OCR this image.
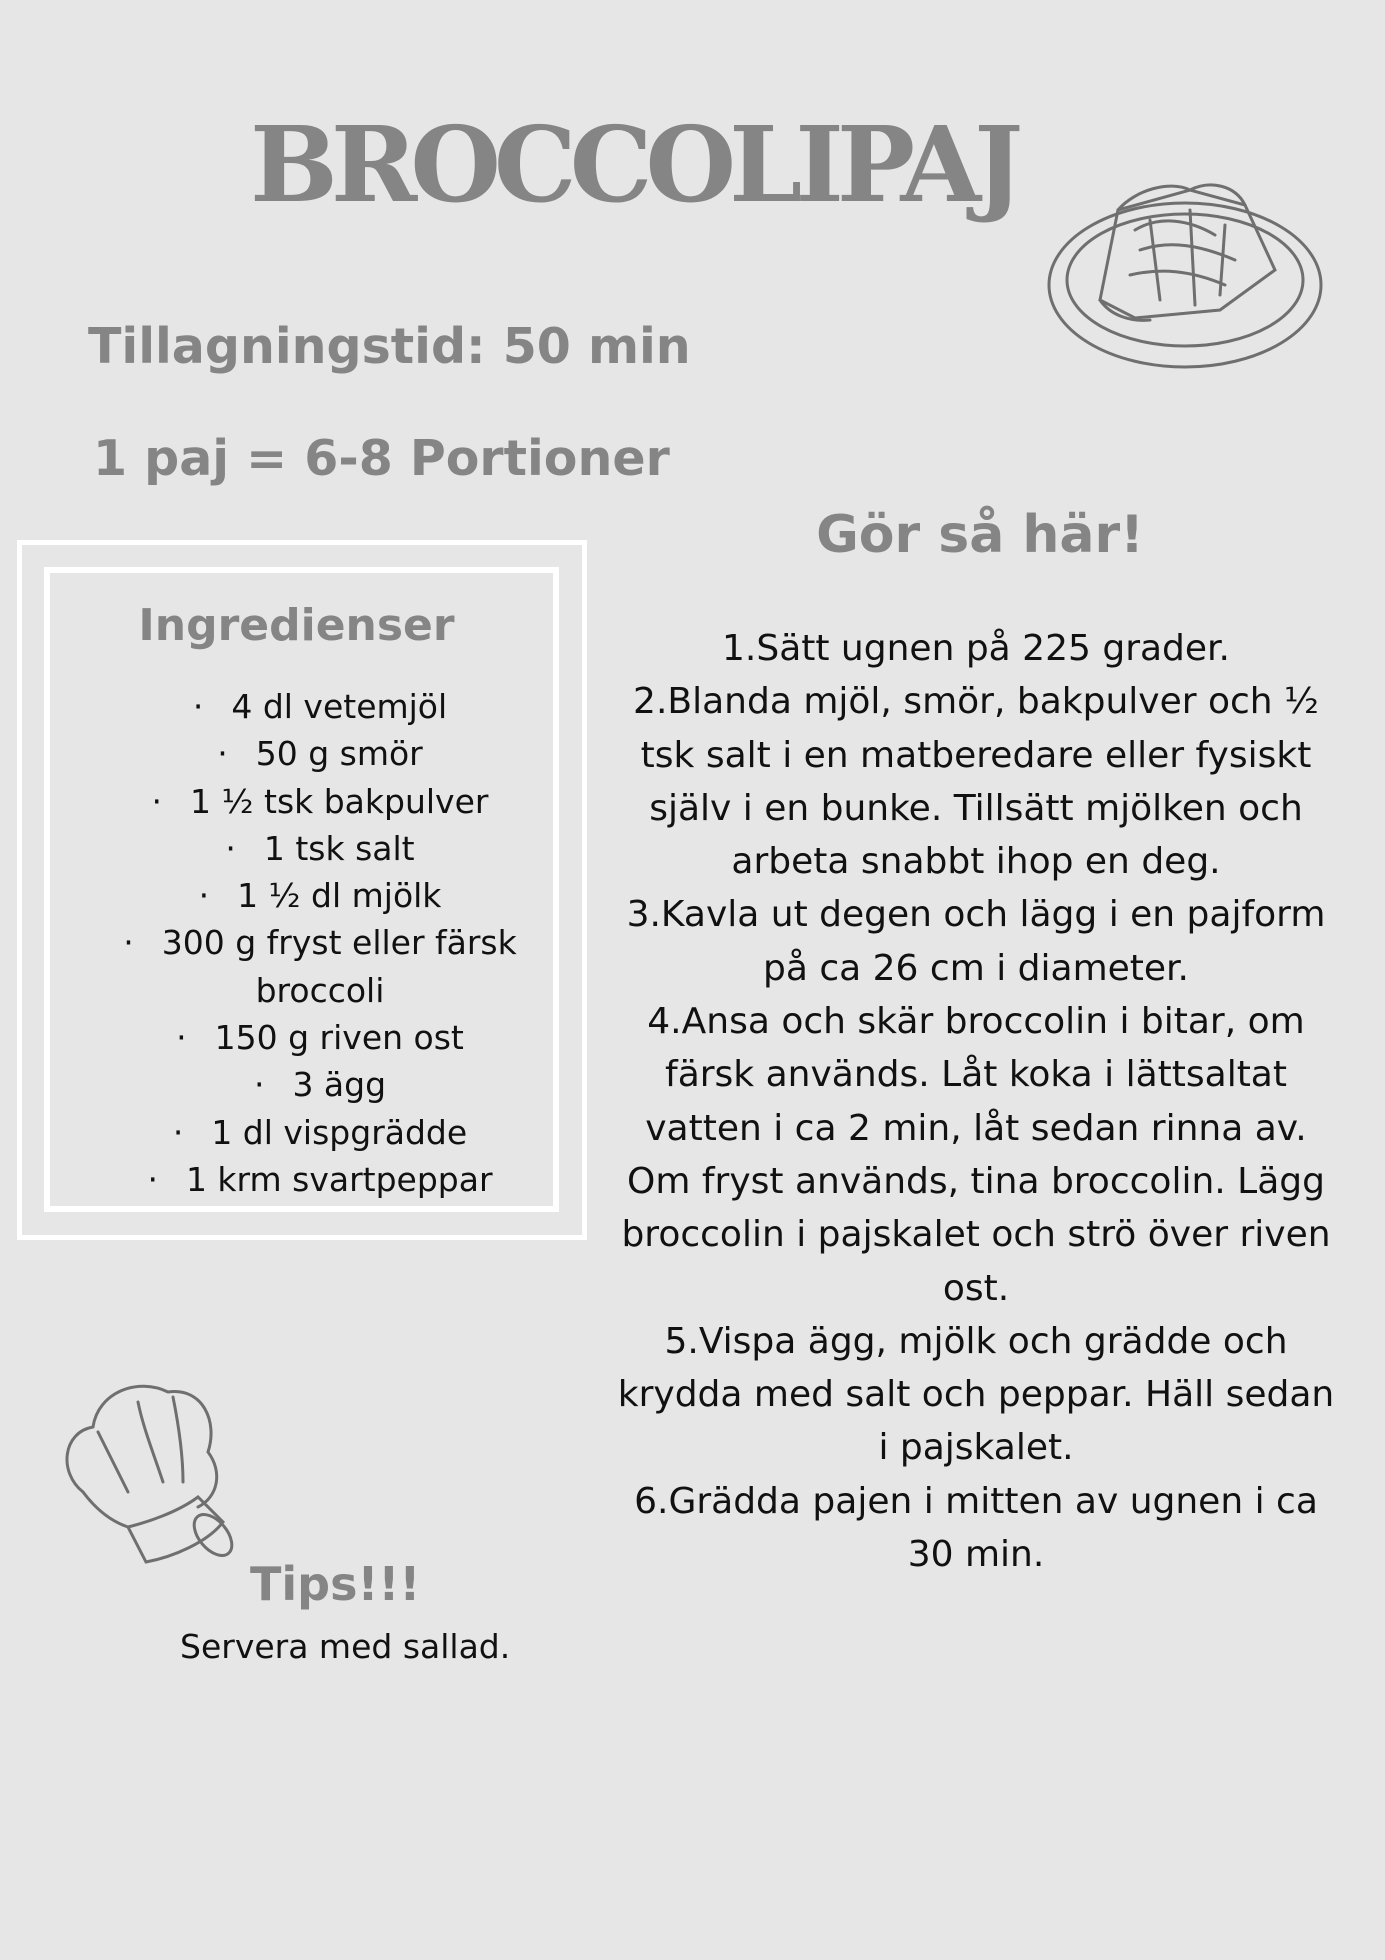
BROCCOLIPAJ

Tillagningstid: 50 min

1 paj = 6-8 Portioner

Ingredienser
· 4 dl vetemjöl
· 50 g smör
· 1 ½ tsk bakpulver
· 1 tsk salt
· 1 ½ dl mjölk
· 300 g fryst eller färsk broccoli
· 150 g riven ost
· 3 ägg
· 1 dl vispgrädde
· 1 krm svartpeppar
Gör så här!
1.Sätt ugnen på 225 grader.
2.Blanda mjöl, smör, bakpulver och ½ tsk salt i en matberedare eller fysiskt själv i en bunke. Tillsätt mjölken och arbeta snabbt ihop en deg.
3.Kavla ut degen och lägg i en pajform på ca 26 cm i diameter.
4.Ansa och skär broccolin i bitar, om färsk används. Låt koka i lättsaltat vatten i ca 2 min, låt sedan rinna av. Om fryst används, tina broccolin. Lägg broccolin i pajskalet och strö över riven ost.
5.Vispa ägg, mjölk och grädde och krydda med salt och peppar. Häll sedan i pajskalet.
6.Grädda pajen i mitten av ugnen i ca 30 min.
Tips!!!

Servera med sallad.
